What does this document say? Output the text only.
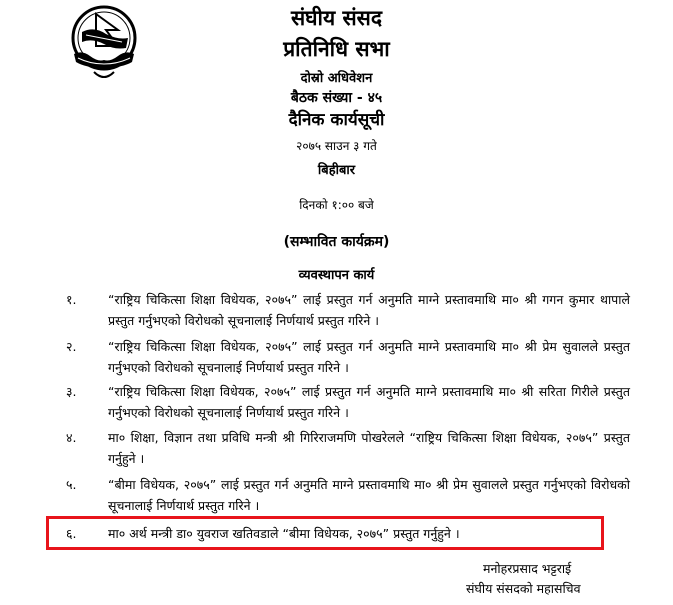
संघीय संसद
प्रतिनिधि सभा
दोस्रो अधिवेशन
बैठक संख्या - ४५
दैनिक कार्यसूची
२०७५ साउन ३ गते
बिहीबार
दिनको १:०० बजे
(सम्भावित कार्यक्रम)
व्यवस्थापन कार्य
१.	“राष्ट्रिय चिकित्सा शिक्षा विधेयक, २०७५” लाई प्रस्तुत गर्न अनुमति माग्ने प्रस्तावमाथि मा० श्री गगन कुमार थापाले प्रस्तुत गर्नुभएको विरोधको सूचनालाई निर्णयार्थ प्रस्तुत गरिने ।
२.	“राष्ट्रिय चिकित्सा शिक्षा विधेयक, २०७५” लाई प्रस्तुत गर्न अनुमति माग्ने प्रस्तावमाथि मा० श्री प्रेम सुवालले प्रस्तुत गर्नुभएको विरोधको सूचनालाई निर्णयार्थ प्रस्तुत गरिने ।
३.	“राष्ट्रिय चिकित्सा शिक्षा विधेयक, २०७५” लाई प्रस्तुत गर्न अनुमति माग्ने प्रस्तावमाथि मा० श्री सरिता गिरीले प्रस्तुत गर्नुभएको विरोधको सूचनालाई निर्णयार्थ प्रस्तुत गरिने ।
४.	मा० शिक्षा, विज्ञान तथा प्रविधि मन्त्री श्री गिरिराजमणि पोखरेलले “राष्ट्रिय चिकित्सा शिक्षा विधेयक, २०७५” प्रस्तुत गर्नुहुने ।
५.	“बीमा विधेयक, २०७५” लाई प्रस्तुत गर्न अनुमति माग्ने प्रस्तावमाथि मा० श्री प्रेम सुवालले प्रस्तुत गर्नुभएको विरोधको सूचनालाई निर्णयार्थ प्रस्तुत गरिने ।
६.	मा० अर्थ मन्त्री डा० युवराज खतिवडाले “बीमा विधेयक, २०७५” प्रस्तुत गर्नुहुने ।
मनोहरप्रसाद भट्टराई
संघीय संसदको महासचिव
